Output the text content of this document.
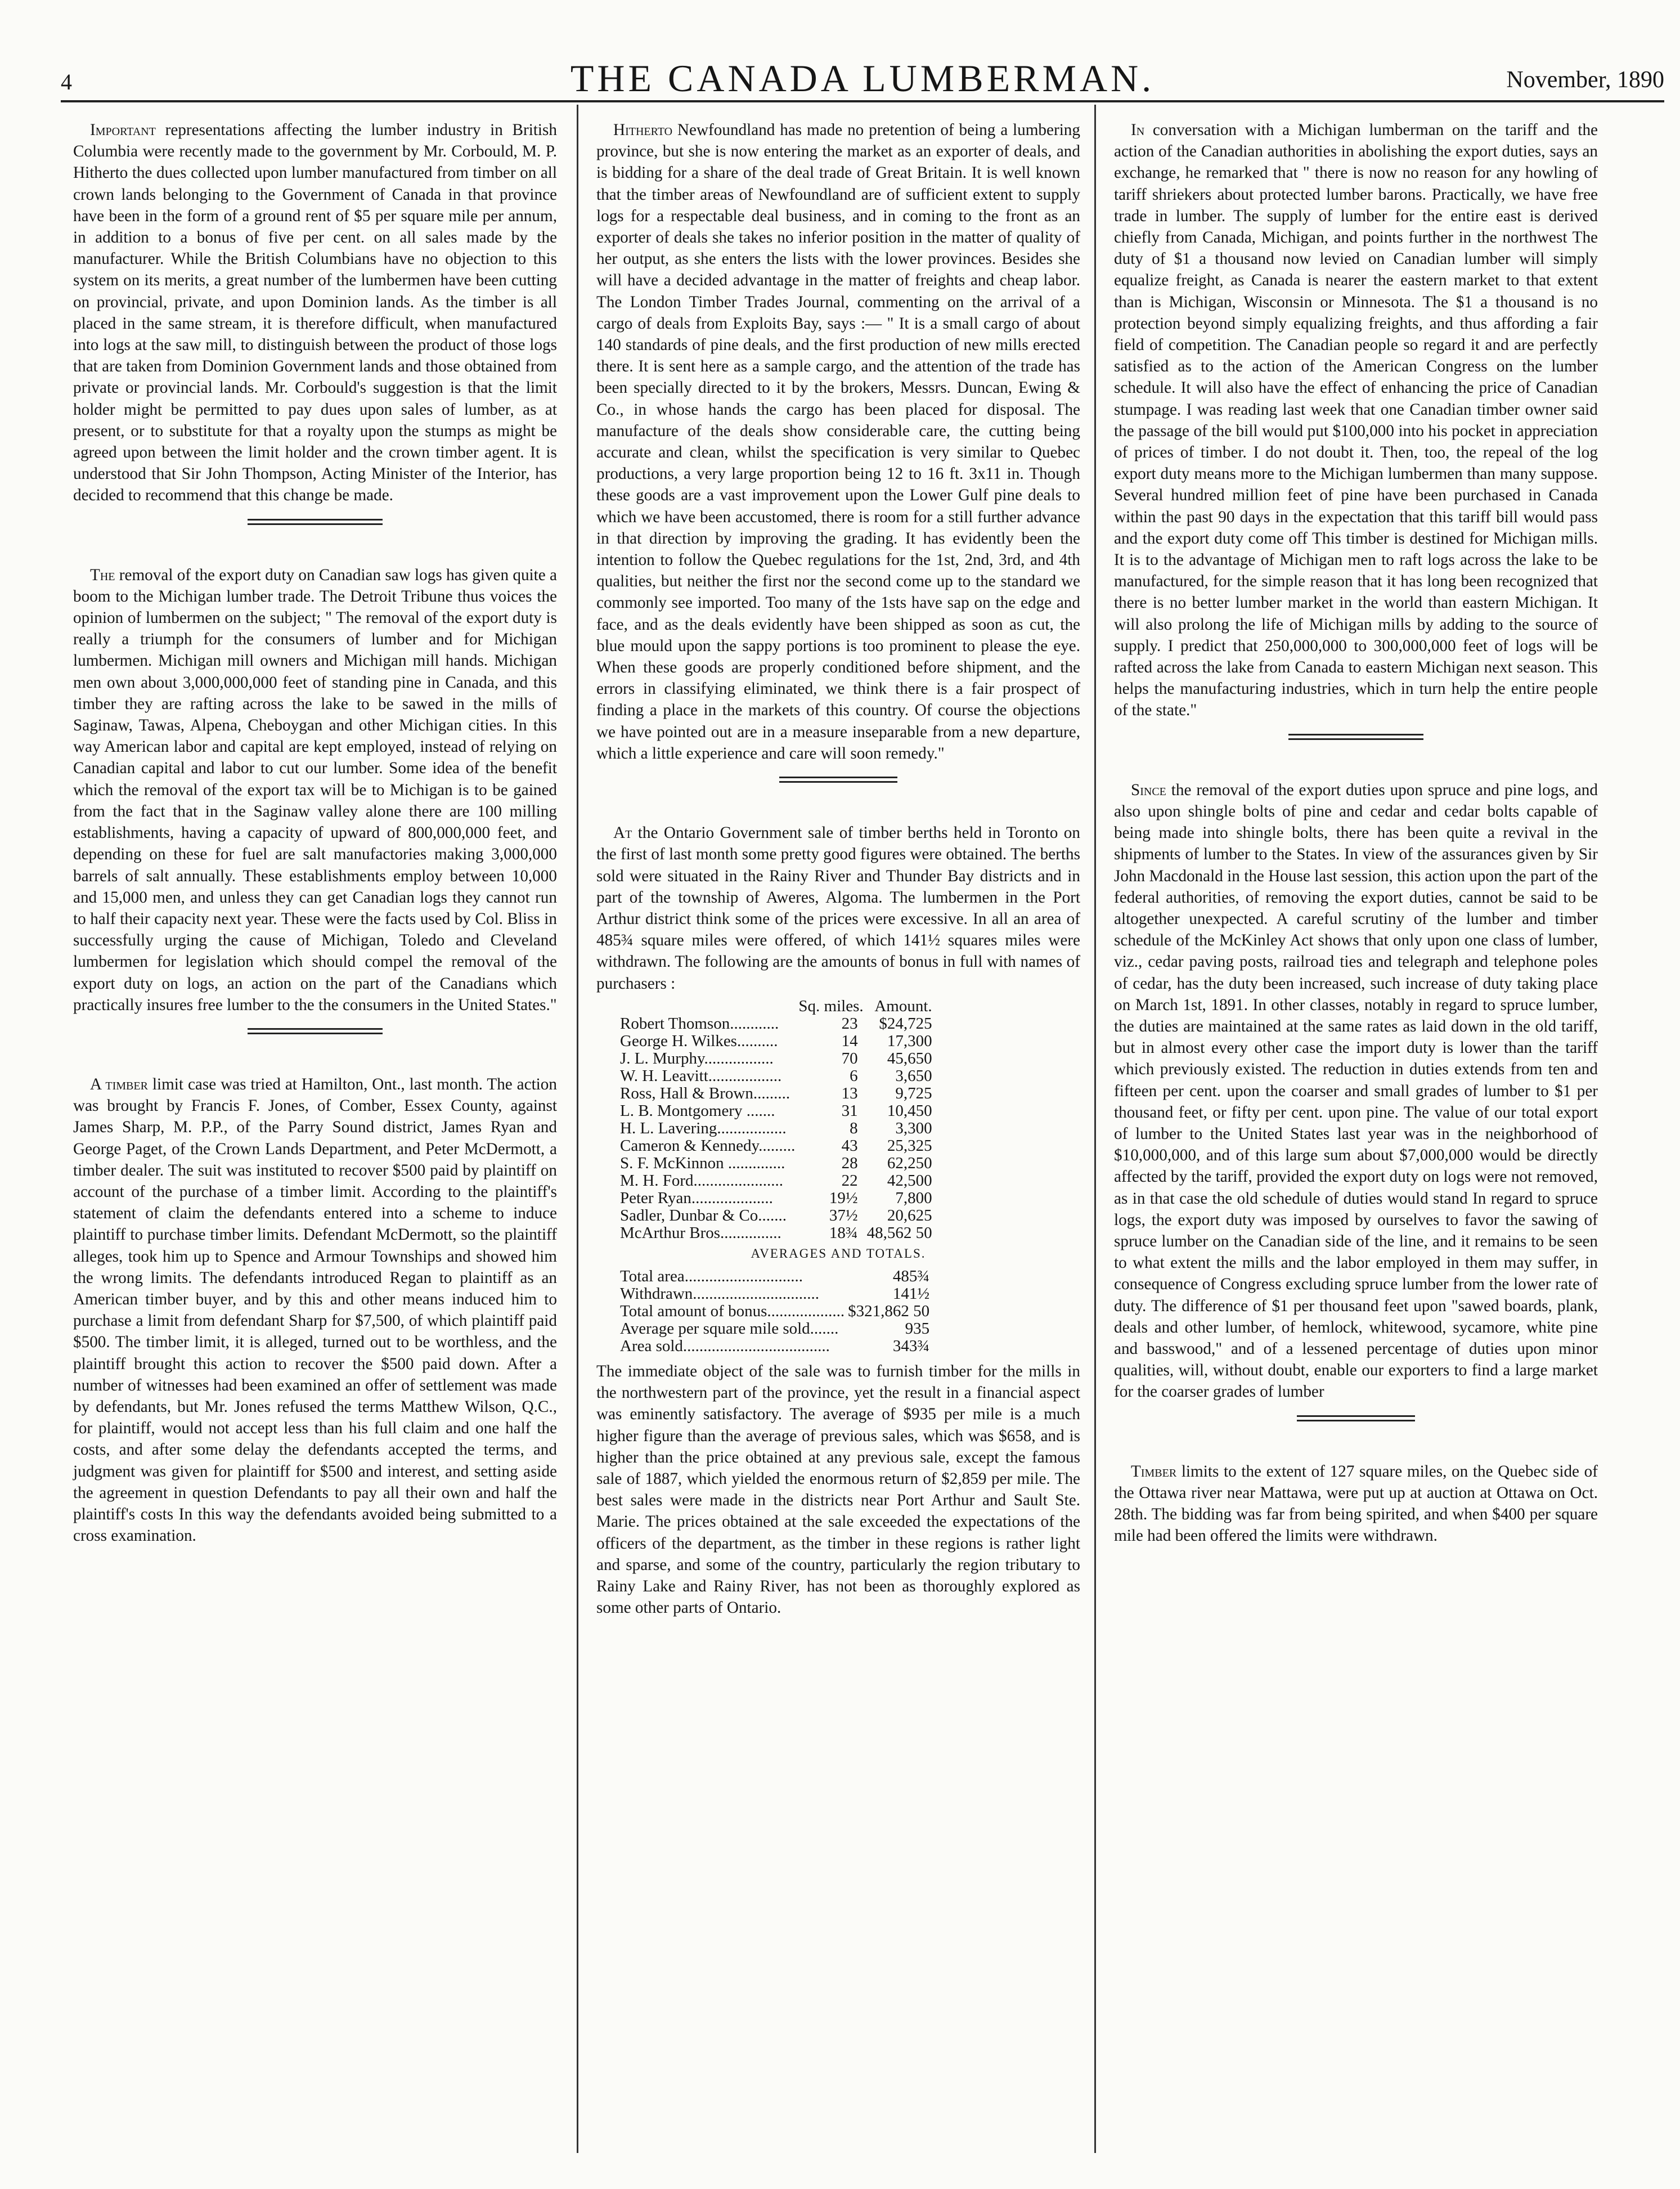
4	THE CANADA LUMBERMAN.	November, 1890

Important representations affecting the lumber industry in British Columbia were recently made to the government by Mr. Corbould, M. P. Hitherto the dues collected upon lumber manufactured from timber on all crown lands belonging to the Government of Canada in that province have been in the form of a ground rent of $5 per square mile per annum, in addition to a bonus of five per cent. on all sales made by the manufacturer. While the British Columbians have no objection to this system on its merits, a great number of the lumbermen have been cutting on provincial, private, and upon Dominion lands. As the timber is all placed in the same stream, it is therefore difficult, when manufactured into logs at the saw mill, to distinguish between the product of those logs that are taken from Dominion Government lands and those obtained from private or provincial lands. Mr. Corbould's suggestion is that the limit holder might be permitted to pay dues upon sales of lumber, as at present, or to substitute for that a royalty upon the stumps as might be agreed upon between the limit holder and the crown timber agent. It is understood that Sir John Thompson, Acting Minister of the Interior, has decided to recommend that this change be made.

The removal of the export duty on Canadian saw logs has given quite a boom to the Michigan lumber trade. The Detroit Tribune thus voices the opinion of lumbermen on the subject; " The removal of the export duty is really a triumph for the consumers of lumber and for Michigan lumbermen. Michigan mill owners and Michigan mill hands. Michigan men own about 3,000,000,000 feet of standing pine in Canada, and this timber they are rafting across the lake to be sawed in the mills of Saginaw, Tawas, Alpena, Cheboygan and other Michigan cities. In this way American labor and capital are kept employed, instead of relying on Canadian capital and labor to cut our lumber. Some idea of the benefit which the removal of the export tax will be to Michigan is to be gained from the fact that in the Saginaw valley alone there are 100 milling establishments, having a capacity of upward of 800,000,000 feet, and depending on these for fuel are salt manufactories making 3,000,000 barrels of salt annually. These establishments employ between 10,000 and 15,000 men, and unless they can get Canadian logs they cannot run to half their capacity next year. These were the facts used by Col. Bliss in successfully urging the cause of Michigan, Toledo and Cleveland lumbermen for legislation which should compel the removal of the export duty on logs, an action on the part of the Canadians which practically insures free lumber to the the consumers in the United States."

A timber limit case was tried at Hamilton, Ont., last month. The action was brought by Francis F. Jones, of Comber, Essex County, against James Sharp, M. P.P., of the Parry Sound district, James Ryan and George Paget, of the Crown Lands Department, and Peter McDermott, a timber dealer. The suit was instituted to recover $500 paid by plaintiff on account of the purchase of a timber limit. According to the plaintiff's statement of claim the defendants entered into a scheme to induce plaintiff to purchase timber limits. Defendant McDermott, so the plaintiff alleges, took him up to Spence and Armour Townships and showed him the wrong limits. The defendants introduced Regan to plaintiff as an American timber buyer, and by this and other means induced him to purchase a limit from defendant Sharp for $7,500, of which plaintiff paid $500. The timber limit, it is alleged, turned out to be worthless, and the plaintiff brought this action to recover the $500 paid down. After a number of witnesses had been examined an offer of settlement was made by defendants, but Mr. Jones refused the terms Matthew Wilson, Q.C., for plaintiff, would not accept less than his full claim and one half the costs, and after some delay the defendants accepted the terms, and judgment was given for plaintiff for $500 and interest, and setting aside the agreement in question Defendants to pay all their own and half the plaintiff's costs In this way the defendants avoided being submitted to a cross examination.

Hitherto Newfoundland has made no pretention of being a lumbering province, but she is now entering the market as an exporter of deals, and is bidding for a share of the deal trade of Great Britain. It is well known that the timber areas of Newfoundland are of sufficient extent to supply logs for a respectable deal business, and in coming to the front as an exporter of deals she takes no inferior position in the matter of quality of her output, as she enters the lists with the lower provinces. Besides she will have a decided advantage in the matter of freights and cheap labor. The London Timber Trades Journal, commenting on the arrival of a cargo of deals from Exploits Bay, says :— " It is a small cargo of about 140 standards of pine deals, and the first production of new mills erected there. It is sent here as a sample cargo, and the attention of the trade has been specially directed to it by the brokers, Messrs. Duncan, Ewing & Co., in whose hands the cargo has been placed for disposal. The manufacture of the deals show considerable care, the cutting being accurate and clean, whilst the specification is very similar to Quebec productions, a very large proportion being 12 to 16 ft. 3x11 in. Though these goods are a vast improvement upon the Lower Gulf pine deals to which we have been accustomed, there is room for a still further advance in that direction by improving the grading. It has evidently been the intention to follow the Quebec regulations for the 1st, 2nd, 3rd, and 4th qualities, but neither the first nor the second come up to the standard we commonly see imported. Too many of the 1sts have sap on the edge and face, and as the deals evidently have been shipped as soon as cut, the blue mould upon the sappy portions is too prominent to please the eye. When these goods are properly conditioned before shipment, and the errors in classifying eliminated, we think there is a fair prospect of finding a place in the markets of this country. Of course the objections we have pointed out are in a measure inseparable from a new departure, which a little experience and care will soon remedy."

At the Ontario Government sale of timber berths held in Toronto on the first of last month some pretty good figures were obtained. The berths sold were situated in the Rainy River and Thunder Bay districts and in part of the township of Aweres, Algoma. The lumbermen in the Port Arthur district think some of the prices were excessive. In all an area of 485¾ square miles were offered, of which 141½ squares miles were withdrawn. The following are the amounts of bonus in full with names of purchasers :

	Sq. miles.	Amount.
Robert Thomson............	23	$24,725
George H. Wilkes..........	14	17,300
J. L. Murphy.................	70	45,650
W. H. Leavitt..................	6	3,650
Ross, Hall & Brown.........	13	9,725
L. B. Montgomery .......	31	10,450
H. L. Lavering.................	8	3,300
Cameron & Kennedy.........	43	25,325
S. F. McKinnon ..............	28	62,250
M. H. Ford......................	22	42,500
Peter Ryan....................	19½	7,800
Sadler, Dunbar & Co.......	37½	20,625
McArthur Bros...............	18¾	48,562 50
AVERAGES AND TOTALS.
Total area.............................	485¾
Withdrawn...............................	141½
Total amount of bonus...................	$321,862 50
Average per square mile sold.......	935
Area sold....................................	343¾

The immediate object of the sale was to furnish timber for the mills in the northwestern part of the province, yet the result in a financial aspect was eminently satisfactory. The average of $935 per mile is a much higher figure than the average of previous sales, which was $658, and is higher than the price obtained at any previous sale, except the famous sale of 1887, which yielded the enormous return of $2,859 per mile. The best sales were made in the districts near Port Arthur and Sault Ste. Marie. The prices obtained at the sale exceeded the expectations of the officers of the department, as the timber in these regions is rather light and sparse, and some of the country, particularly the region tributary to Rainy Lake and Rainy River, has not been as thoroughly explored as some other parts of Ontario.

In conversation with a Michigan lumberman on the tariff and the action of the Canadian authorities in abolishing the export duties, says an exchange, he remarked that " there is now no reason for any howling of tariff shriekers about protected lumber barons. Practically, we have free trade in lumber. The supply of lumber for the entire east is derived chiefly from Canada, Michigan, and points further in the northwest The duty of $1 a thousand now levied on Canadian lumber will simply equalize freight, as Canada is nearer the eastern market to that extent than is Michigan, Wisconsin or Minnesota. The $1 a thousand is no protection beyond simply equalizing freights, and thus affording a fair field of competition. The Canadian people so regard it and are perfectly satisfied as to the action of the American Congress on the lumber schedule. It will also have the effect of enhancing the price of Canadian stumpage. I was reading last week that one Canadian timber owner said the passage of the bill would put $100,000 into his pocket in appreciation of prices of timber. I do not doubt it. Then, too, the repeal of the log export duty means more to the Michigan lumbermen than many suppose. Several hundred million feet of pine have been purchased in Canada within the past 90 days in the expectation that this tariff bill would pass and the export duty come off This timber is destined for Michigan mills. It is to the advantage of Michigan men to raft logs across the lake to be manufactured, for the simple reason that it has long been recognized that there is no better lumber market in the world than eastern Michigan. It will also prolong the life of Michigan mills by adding to the source of supply. I predict that 250,000,000 to 300,000,000 feet of logs will be rafted across the lake from Canada to eastern Michigan next season. This helps the manufacturing industries, which in turn help the entire people of the state."

Since the removal of the export duties upon spruce and pine logs, and also upon shingle bolts of pine and cedar and cedar bolts capable of being made into shingle bolts, there has been quite a revival in the shipments of lumber to the States. In view of the assurances given by Sir John Macdonald in the House last session, this action upon the part of the federal authorities, of removing the export duties, cannot be said to be altogether unexpected. A careful scrutiny of the lumber and timber schedule of the McKinley Act shows that only upon one class of lumber, viz., cedar paving posts, railroad ties and telegraph and telephone poles of cedar, has the duty been increased, such increase of duty taking place on March 1st, 1891. In other classes, notably in regard to spruce lumber, the duties are maintained at the same rates as laid down in the old tariff, but in almost every other case the import duty is lower than the tariff which previously existed. The reduction in duties extends from ten and fifteen per cent. upon the coarser and small grades of lumber to $1 per thousand feet, or fifty per cent. upon pine. The value of our total export of lumber to the United States last year was in the neighborhood of $10,000,000, and of this large sum about $7,000,000 would be directly affected by the tariff, provided the export duty on logs were not removed, as in that case the old schedule of duties would stand In regard to spruce logs, the export duty was imposed by ourselves to favor the sawing of spruce lumber on the Canadian side of the line, and it remains to be seen to what extent the mills and the labor employed in them may suffer, in consequence of Congress excluding spruce lumber from the lower rate of duty. The difference of $1 per thousand feet upon "sawed boards, plank, deals and other lumber, of hemlock, whitewood, sycamore, white pine and basswood," and of a lessened percentage of duties upon minor qualities, will, without doubt, enable our exporters to find a large market for the coarser grades of lumber

Timber limits to the extent of 127 square miles, on the Quebec side of the Ottawa river near Mattawa, were put up at auction at Ottawa on Oct. 28th. The bidding was far from being spirited, and when $400 per square mile had been offered the limits were withdrawn.
